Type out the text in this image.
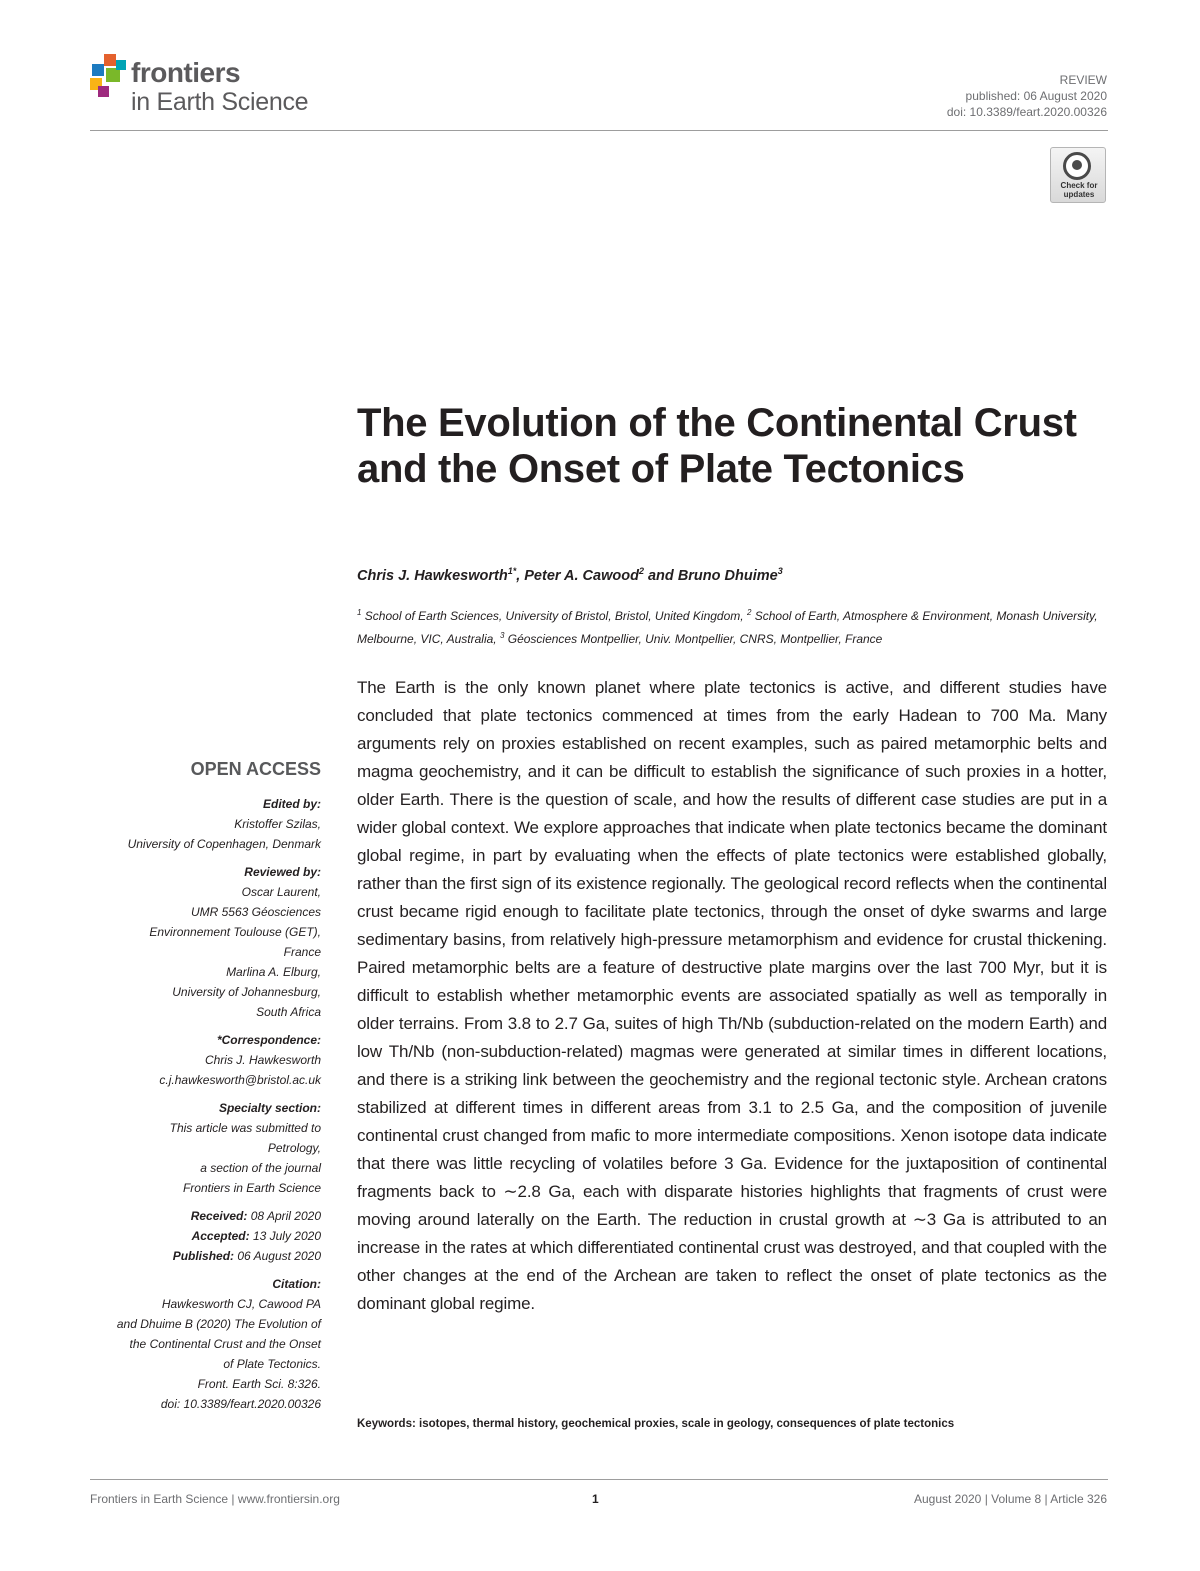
frontiers
in Earth Science
REVIEW
published: 06 August 2020
doi: 10.3389/feart.2020.00326
Check for updates
The Evolution of the Continental Crust and the Onset of Plate Tectonics
Chris J. Hawkesworth$^{1*}$, Peter A. Cawood$^2$ and Bruno Dhuime$^3$
$^1$ School of Earth Sciences, University of Bristol, Bristol, United Kingdom, $^2$ School of Earth, Atmosphere & Environment, Monash University, Melbourne, VIC, Australia, $^3$ Géosciences Montpellier, Univ. Montpellier, CNRS, Montpellier, France

The Earth is the only known planet where plate tectonics is active, and different studies have concluded that plate tectonics commenced at times from the early Hadean to 700 Ma. Many arguments rely on proxies established on recent examples, such as paired metamorphic belts and magma geochemistry, and it can be difficult to establish the significance of such proxies in a hotter, older Earth. There is the question of scale, and how the results of different case studies are put in a wider global context. We explore approaches that indicate when plate tectonics became the dominant global regime, in part by evaluating when the effects of plate tectonics were established globally, rather than the first sign of its existence regionally. The geological record reflects when the continental crust became rigid enough to facilitate plate tectonics, through the onset of dyke swarms and large sedimentary basins, from relatively high-pressure metamorphism and evidence for crustal thickening. Paired metamorphic belts are a feature of destructive plate margins over the last 700 Myr, but it is difficult to establish whether metamorphic events are associated spatially as well as temporally in older terrains. From 3.8 to 2.7 Ga, suites of high Th/Nb (subduction-related on the modern Earth) and low Th/Nb (non-subduction-related) magmas were generated at similar times in different locations, and there is a striking link between the geochemistry and the regional tectonic style. Archean cratons stabilized at different times in different areas from 3.1 to 2.5 Ga, and the composition of juvenile continental crust changed from mafic to more intermediate compositions. Xenon isotope data indicate that there was little recycling of volatiles before 3 Ga. Evidence for the juxtaposition of continental fragments back to ∼2.8 Ga, each with disparate histories highlights that fragments of crust were moving around laterally on the Earth. The reduction in crustal growth at ∼3 Ga is attributed to an increase in the rates at which differentiated continental crust was destroyed, and that coupled with the other changes at the end of the Archean are taken to reflect the onset of plate tectonics as the dominant global regime.

Keywords: isotopes, thermal history, geochemical proxies, scale in geology, consequences of plate tectonics
OPEN ACCESS
Edited by:
Kristoffer Szilas,
University of Copenhagen, Denmark
Reviewed by:
Oscar Laurent,
UMR 5563 Géosciences
Environnement Toulouse (GET),
France
Marlina A. Elburg,
University of Johannesburg,
South Africa
*Correspondence:
Chris J. Hawkesworth
c.j.hawkesworth@bristol.ac.uk
Specialty section:
This article was submitted to
Petrology,
a section of the journal
Frontiers in Earth Science
Received: 08 April 2020
Accepted: 13 July 2020
Published: 06 August 2020
Citation:
Hawkesworth CJ, Cawood PA
and Dhuime B (2020) The Evolution of
the Continental Crust and the Onset
of Plate Tectonics.
Front. Earth Sci. 8:326.
doi: 10.3389/feart.2020.00326
Frontiers in Earth Science | www.frontiersin.org	1	August 2020 | Volume 8 | Article 326
